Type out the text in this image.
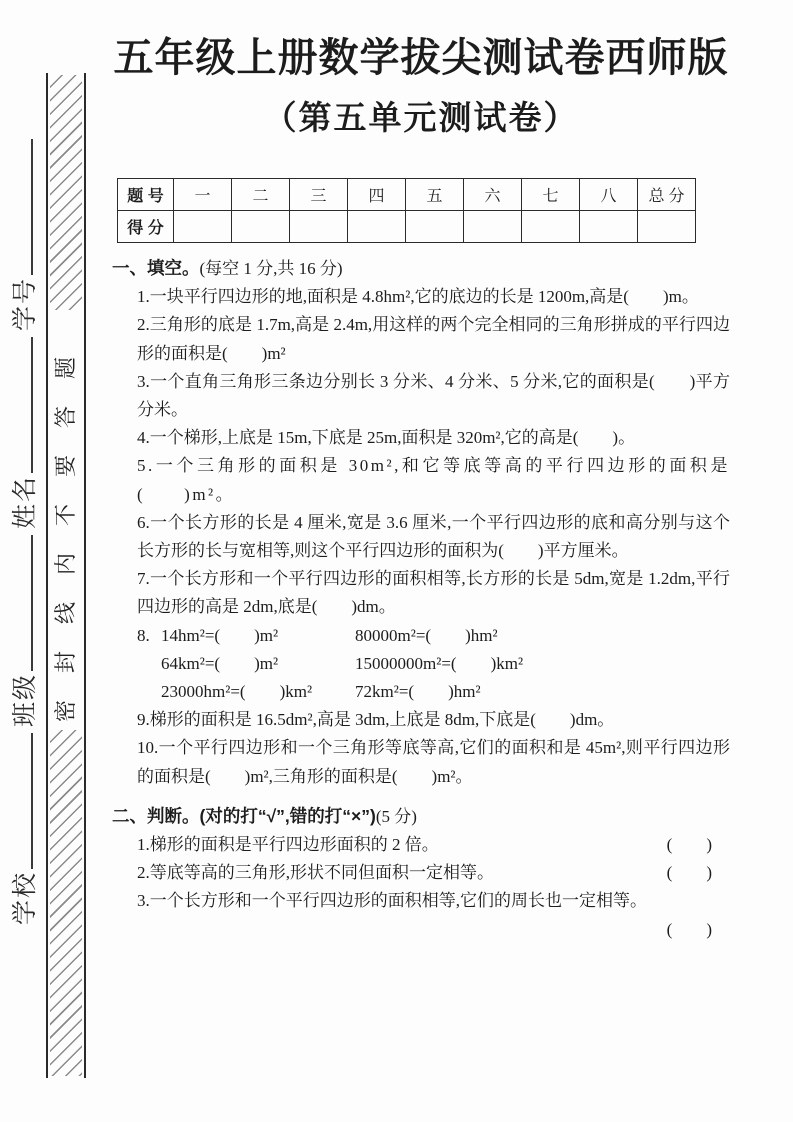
学校班级姓名学号
密封线内不要答题
五年级上册数学拔尖测试卷西师版
（第五单元测试卷）
题 号	一	二	三	四	五	六	七	八	总 分
得 分									

一、填空。(每空 1 分,共 16 分)

1.一块平行四边形的地,面积是 4.8hm²,它的底边的长是 1200m,高是(　　)m。

2.三角形的底是 1.7m,高是 2.4m,用这样的两个完全相同的三角形拼成的平行四边形的面积是(　　)m²

3.一个直角三角形三条边分别长 3 分米、4 分米、5 分米,它的面积是(　　)平方分米。

4.一个梯形,上底是 15m,下底是 25m,面积是 320m²,它的高是(　　)。

5.一个三角形的面积是 30m²,和它等底等高的平行四边形的面积是(　　)m²。

6.一个长方形的长是 4 厘米,宽是 3.6 厘米,一个平行四边形的底和高分别与这个长方形的长与宽相等,则这个平行四边形的面积为(　　)平方厘米。

7.一个长方形和一个平行四边形的面积相等,长方形的长是 5dm,宽是 1.2dm,平行四边形的高是 2dm,底是(　　)dm。

8. 14hm²=(　　)m²	80000m²=(　　)hm²

64km²=(　　)m²	15000000m²=(　　)km²

23000hm²=(　　)km²	72km²=(　　)hm²

9.梯形的面积是 16.5dm²,高是 3dm,上底是 8dm,下底是(　　)dm。

10.一个平行四边形和一个三角形等底等高,它们的面积和是 45m²,则平行四边形的面积是(　　)m²,三角形的面积是(　　)m²。

二、判断。(对的打“√”,错的打“×”)(5 分)

1.梯形的面积是平行四边形面积的 2 倍。	(　　)

2.等底等高的三角形,形状不同但面积一定相等。	(　　)

3.一个长方形和一个平行四边形的面积相等,它们的周长也一定相等。

(　　)
